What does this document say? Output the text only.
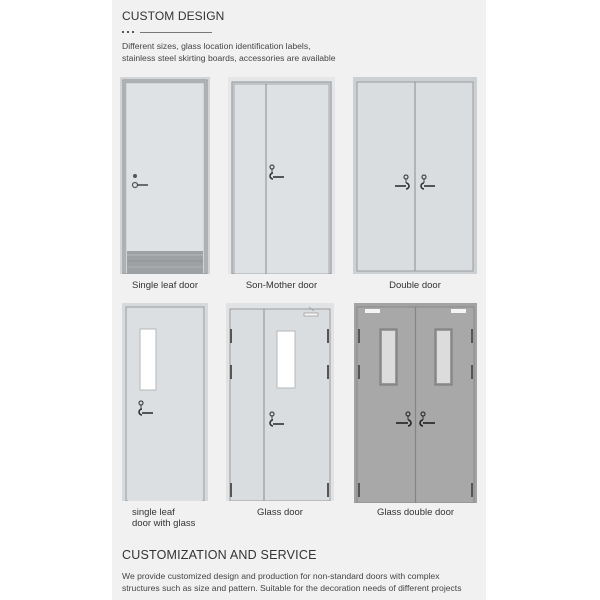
CUSTOM DESIGN
Different sizes, glass location identification labels,
stainless steel skirting boards, accessories are available
Single leaf door	Son-Mother door	Double door
single leaf
door with glass
Glass door	Glass double door
CUSTOMIZATION AND SERVICE
We provide customized design and production for non-standard doors with complex
structures such as size and pattern. Suitable for the decoration needs of different projects
